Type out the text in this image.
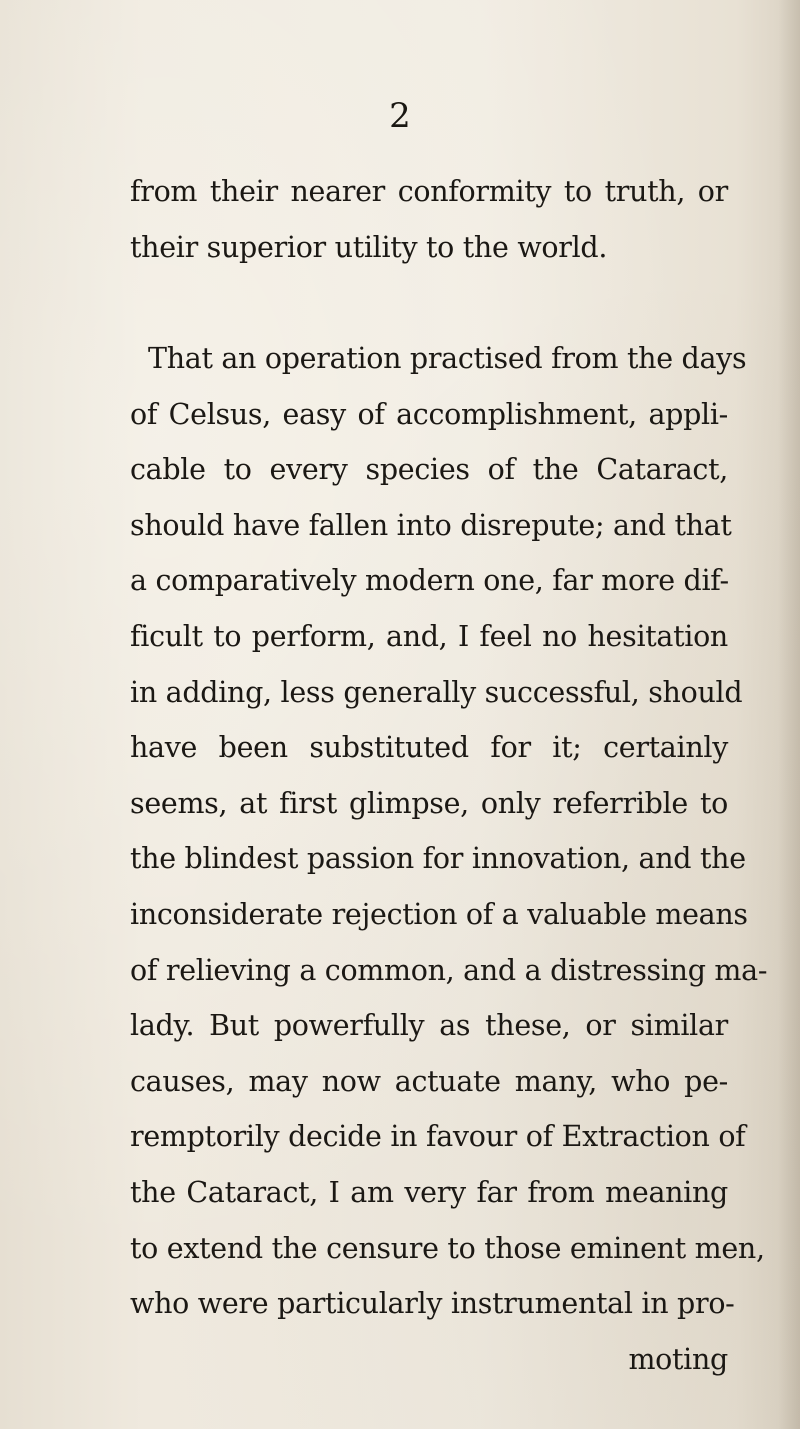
2
from their nearer conformity to truth, or
their superior utility to the world.
That an operation practised from the days
of Celsus, easy of accomplishment, appli-
cable to every species of the Cataract,
should have fallen into disrepute; and that
a comparatively modern one, far more dif-
ficult to perform, and, I feel no hesitation
in adding, less generally successful, should
have been substituted for it; certainly
seems, at first glimpse, only referrible to
the blindest passion for innovation, and the
inconsiderate rejection of a valuable means
of relieving a common, and a distressing ma-
lady. But powerfully as these, or similar
causes, may now actuate many, who pe-
remptorily decide in favour of Extraction of
the Cataract, I am very far from meaning
to extend the censure to those eminent men,
who were particularly instrumental in pro-
moting
